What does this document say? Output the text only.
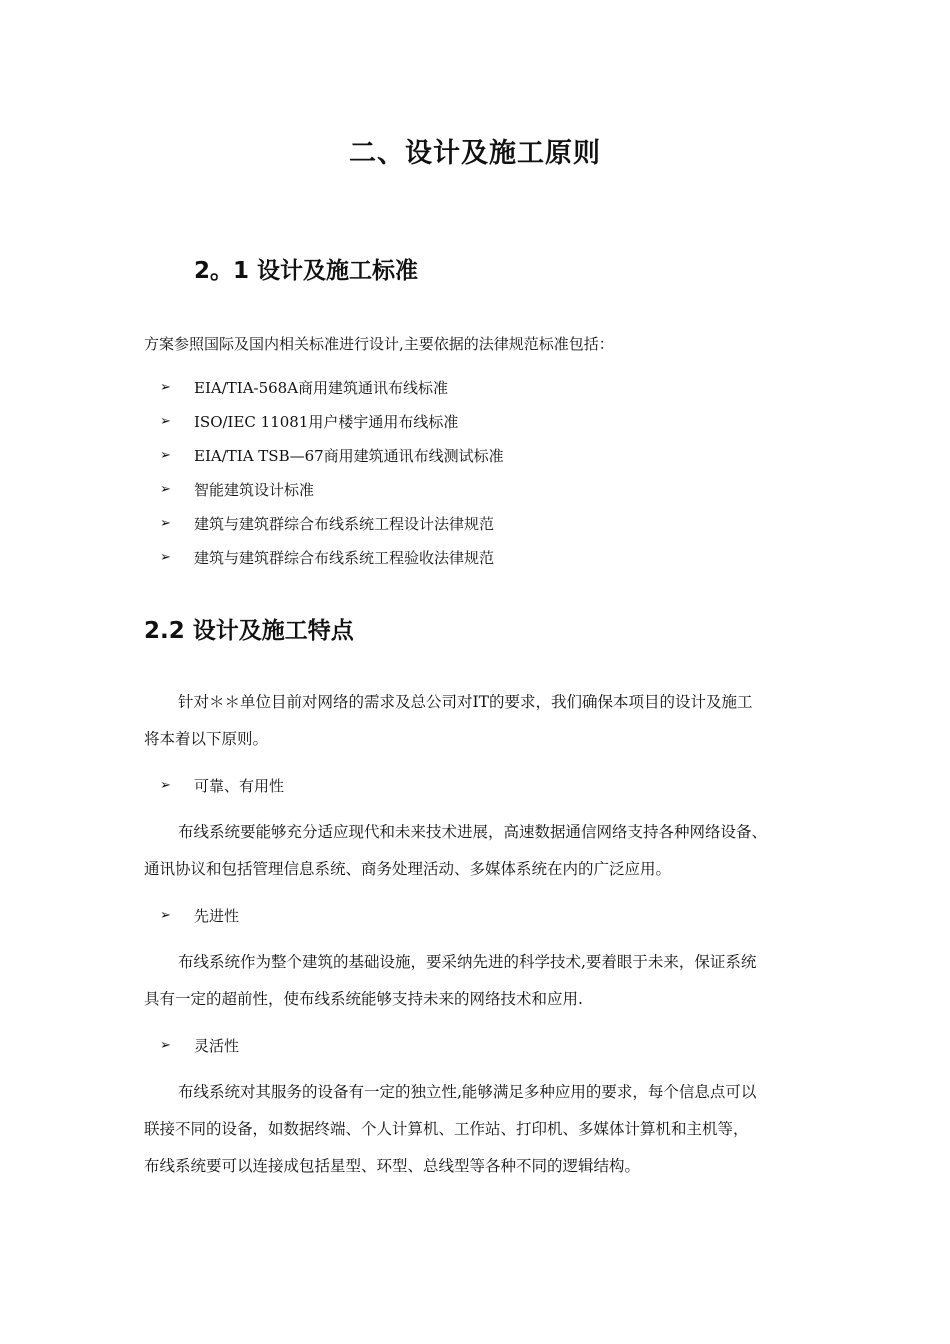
二、设计及施工原则
2。1 设计及施工标准

方案参照国际及国内相关标准进行设计,主要依据的法律规范标准包括：

➢ EIA/TIA-568A商用建筑通讯布线标准
➢ ISO/IEC 11081用户楼宇通用布线标准
➢ EIA/TIA TSB—67商用建筑通讯布线测试标准
➢ 智能建筑设计标准
➢ 建筑与建筑群综合布线系统工程设计法律规范
➢ 建筑与建筑群综合布线系统工程验收法律规范
2.2 设计及施工特点

针对＊＊单位目前对网络的需求及总公司对IT的要求，我们确保本项目的设计及施工
将本着以下原则。

➢ 可靠、有用性

布线系统要能够充分适应现代和未来技术进展，高速数据通信网络支持各种网络设备、
通讯协议和包括管理信息系统、商务处理活动、多媒体系统在内的广泛应用。

➢ 先进性

布线系统作为整个建筑的基础设施，要采纳先进的科学技术,要着眼于未来，保证系统
具有一定的超前性，使布线系统能够支持未来的网络技术和应用.

➢ 灵活性

布线系统对其服务的设备有一定的独立性,能够满足多种应用的要求，每个信息点可以
联接不同的设备，如数据终端、个人计算机、工作站、打印机、多媒体计算机和主机等，
布线系统要可以连接成包括星型、环型、总线型等各种不同的逻辑结构。
